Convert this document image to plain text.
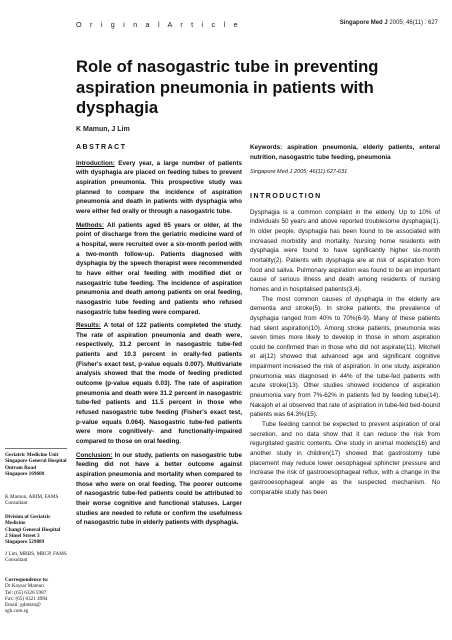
O r i g i n a l A r t i c l e	Singapore Med J 2005; 46(11) : 627
Role of nasogastric tube in preventing aspiration pneumonia in patients with dysphagia
K Mamun, J Lim
ABSTRACT

Introduction: Every year, a large number of patients with dysphagia are placed on feeding tubes to prevent aspiration pneumonia. This prospective study was planned to compare the incidence of aspiration pneumonia and death in patients with dysphagia who were either fed orally or through a nasogastric tube.

Methods: All patients aged 65 years or older, at the point of discharge from the geriatric medicine ward of a hospital, were recruited over a six-month period with a two-month follow-up. Patients diagnosed with dysphagia by the speech therapist were recommended to have either oral feeding with modified diet or nasogastric tube feeding. The incidence of aspiration pneumonia and death among patients on oral feeding, nasogastric tube feeding and patients who refused nasogastric tube feeding were compared.

Results: A total of 122 patients completed the study. The rate of aspiration pneumonia and death were, respectively, 31.2 percent in nasogastric tube-fed patients and 10.3 percent in orally-fed patients (Fisher's exact test, p-value equals 0.007). Multivariate analysis showed that the mode of feeding predicted outcome (p-value equals 0.03). The rate of aspiration pneumonia and death were 31.2 percent in nasogastric tube-fed patients and 11.5 percent in those who refused nasogastric tube feeding (Fisher's exact test, p-value equals 0.064). Nasogastric tube-fed patients were more cognitively- and functionally-impaired compared to those on oral feeding.

Conclusion: In our study, patients on nasogastric tube feeding did not have a better outcome against aspiration pneumonia and mortality when compared to those who were on oral feeding. The poorer outcome of nasogastric tube-fed patients could be attributed to their worse cognitive and functional statuses. Larger studies are needed to refute or confirm the usefulness of nasogastric tube in elderly patients with dysphagia.

Keywords: aspiration pneumonia, elderly patients, enteral nutrition, nasogastric tube feeding, pneumonia

Singapore Med J 2005; 46(11):627-631

INTRODUCTION

Dysphagia is a common complaint in the elderly. Up to 10% of individuals 50 years and above reported troublesome dysphagia(1). In older people, dysphagia has been found to be associated with increased morbidity and mortality. Nursing home residents with dysphagia were found to have significantly higher six-month mortality(2). Patients with dysphagia are at risk of aspiration from food and saliva. Pulmonary aspiration was found to be an important cause of serious illness and death among residents of nursing homes and in hospitalised patients(3,4).

The most common causes of dysphagia in the elderly are dementia and stroke(5). In stroke patients, the prevalence of dysphagia ranged from 40% to 70%(6-9). Many of these patients had silent aspiration(10). Among stroke patients, pneumonia was seven times more likely to develop in those in whom aspiration could be confirmed than in those who did not aspirate(11). Mitchell et al(12) showed that advanced age and significant cognitive impairment increased the risk of aspiration. In one study, aspiration pneumonia was diagnosed in 44% of the tube-fed patients with acute stroke(13). Other studies showed incidence of aspiration pneumonia vary from 7%-62% in patients fed by feeding tube(14). Nakajoh et al observed that rate of aspiration in tube-fed bed-bound patients was 64.3%(15).

Tube feeding cannot be expected to prevent aspiration of oral secretion, and no data show that it can reduce the risk from regurgitated gastric contents. One study in animal models(16) and another study in children(17) showed that gastrostomy tube placement may reduce lower oesophageal sphincter pressure and increase the risk of gastrooesophageal reflux, with a change in the gastrooesophageal angle as the suspected mechanism. No comparable study has been

Geriatric Medicine Unit

Singapore General Hospital

Outram Road

Singapore 169608

K Mamun, ABIM, FAMS

Consultant

Division of Geriatric Medicine

Changi General Hospital

2 Simei Street 3

Singapore 529889

J Lim, MBBS, MRCP, FAMS

Consultant

Correspondence to:

Dr Kaysar Mamun

Tel: (65) 6326 5987

Fax: (65) 6321 4984

Email: gdmkm@

sgh.com.sg
